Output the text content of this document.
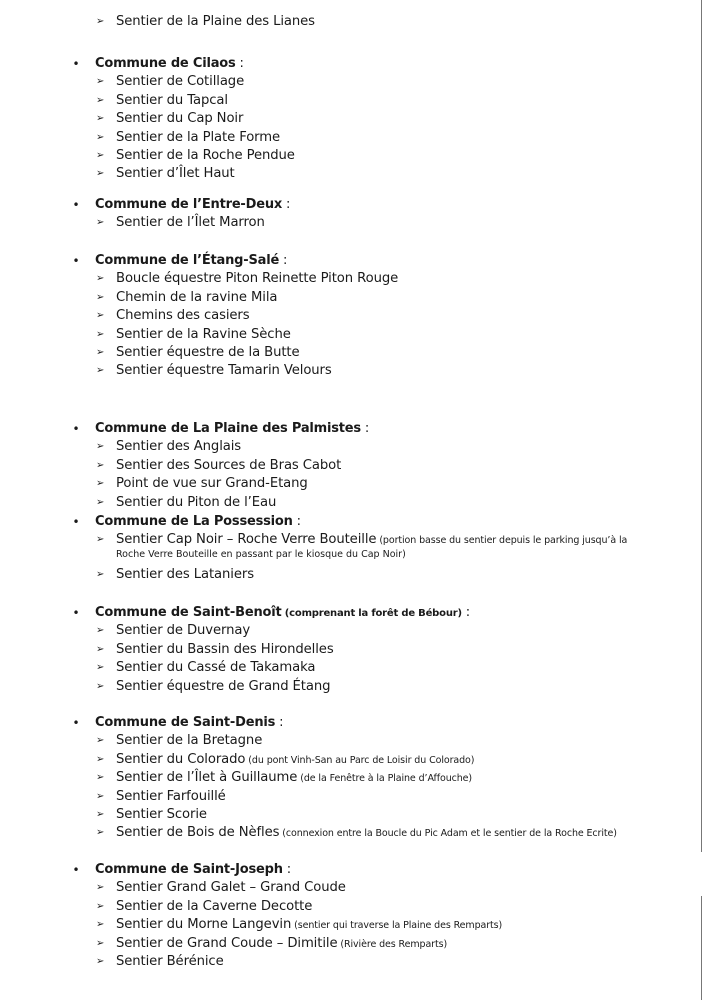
➢ Sentier de la Plaine des Lianes
• Commune de Cilaos :
➢ Sentier de Cotillage
➢ Sentier du Tapcal
➢ Sentier du Cap Noir
➢ Sentier de la Plate Forme
➢ Sentier de la Roche Pendue
➢ Sentier d’Îlet Haut
• Commune de l’Entre-Deux :
➢ Sentier de l’Îlet Marron
• Commune de l’Étang-Salé :
➢ Boucle équestre Piton Reinette Piton Rouge
➢ Chemin de la ravine Mila
➢ Chemins des casiers
➢ Sentier de la Ravine Sèche
➢ Sentier équestre de la Butte
➢ Sentier équestre Tamarin Velours
• Commune de La Plaine des Palmistes :
➢ Sentier des Anglais
➢ Sentier des Sources de Bras Cabot
➢ Point de vue sur Grand-Etang
➢ Sentier du Piton de l’Eau
• Commune de La Possession :
➢ Sentier Cap Noir – Roche Verre Bouteille (portion basse du sentier depuis le parking jusqu’à la
Roche Verre Bouteille en passant par le kiosque du Cap Noir)
➢ Sentier des Lataniers
• Commune de Saint-Benoît (comprenant la forêt de Bébour) :
➢ Sentier de Duvernay
➢ Sentier du Bassin des Hirondelles
➢ Sentier du Cassé de Takamaka
➢ Sentier équestre de Grand Étang
• Commune de Saint-Denis :
➢ Sentier de la Bretagne
➢ Sentier du Colorado (du pont Vinh-San au Parc de Loisir du Colorado)
➢ Sentier de l’Îlet à Guillaume (de la Fenêtre à la Plaine d’Affouche)
➢ Sentier Farfouillé
➢ Sentier Scorie
➢ Sentier de Bois de Nèfles (connexion entre la Boucle du Pic Adam et le sentier de la Roche Ecrite)
• Commune de Saint-Joseph :
➢ Sentier Grand Galet – Grand Coude
➢ Sentier de la Caverne Decotte
➢ Sentier du Morne Langevin (sentier qui traverse la Plaine des Remparts)
➢ Sentier de Grand Coude – Dimitile (Rivière des Remparts)
➢ Sentier Bérénice
